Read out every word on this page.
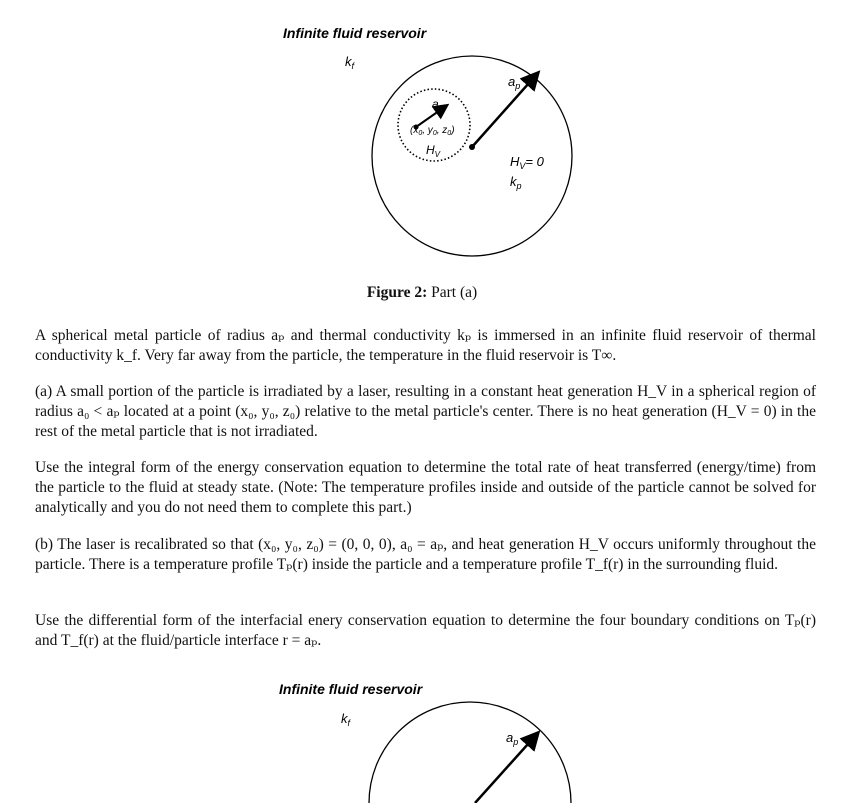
Infinite fluid reservoir
$k_f$
$a_p$
$a_0$
($x_0$, $y_0$, $z_0$)
$H_V$	$H_V= 0$
$k_p$
Figure 2: Part (a)

A spherical metal particle of radius aₚ and thermal conductivity kₚ is immersed in an infinite fluid reservoir of thermal conductivity k_f. Very far away from the particle, the temperature in the fluid reservoir is T∞.

(a) A small portion of the particle is irradiated by a laser, resulting in a constant heat generation H_V in a spherical region of radius a₀ < aₚ located at a point (x₀, y₀, z₀) relative to the metal particle's center. There is no heat generation (H_V = 0) in the rest of the metal particle that is not irradiated.

Use the integral form of the energy conservation equation to determine the total rate of heat transferred (energy/time) from the particle to the fluid at steady state. (Note: The temperature profiles inside and outside of the particle cannot be solved for analytically and you do not need them to complete this part.)

(b) The laser is recalibrated so that (x₀, y₀, z₀) = (0, 0, 0), a₀ = aₚ, and heat generation H_V occurs uniformly throughout the particle. There is a temperature profile Tₚ(r) inside the particle and a temperature profile T_f(r) in the surrounding fluid.

Use the differential form of the interfacial enery conservation equation to determine the four boundary conditions on Tₚ(r) and T_f(r) at the fluid/particle interface r = aₚ.

Infinite fluid reservoir
$k_f$
$a_p$
